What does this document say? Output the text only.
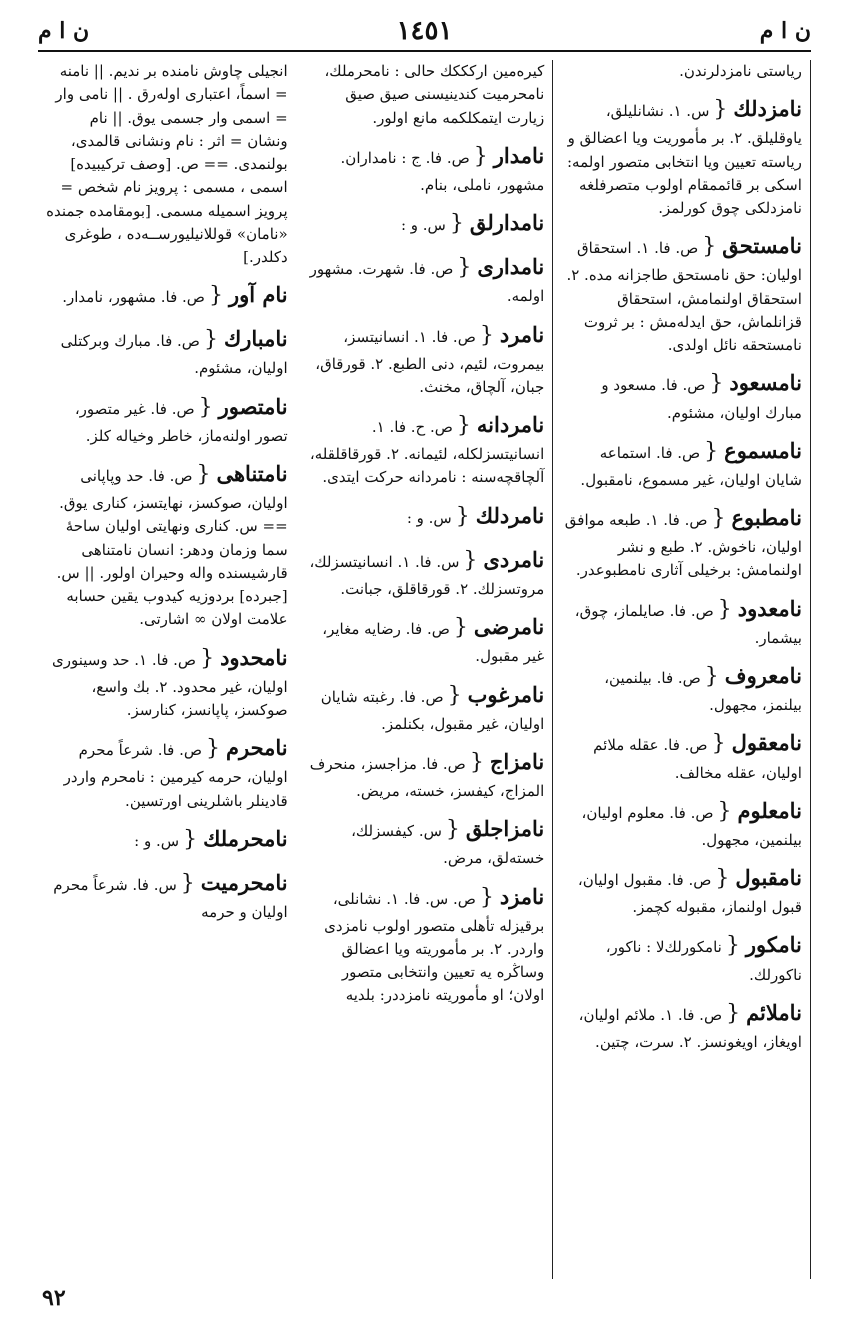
ن ا م	١٤٥١	ن ا م

انجيلى چاوش نامنده بر نديم. || نامنه = اسماً، اعتبارى اولەرق . || نامى وار = اسمى وار جسمى يوق. || نام ونشان = اثر : نام ونشانى قالمدى، بولنمدى. == ص. [وصف تركيبيده] اسمى ، مسمى : پرويز نام شخص = پرويز اسميله مسمى. [بومقامده جمنده «نامان» قوللانيليورســەده ، طوغرى دكلدر.]

نام آور{ص. فا. مشهور، نامدار.

نامبارك{ص. فا. مبارك وبركتلى اوليان، مشئوم.

نامتصور{ص. فا. غير متصور، تصور اولنەماز، خاطر وخياله كلز.

نامتناهى{ص. فا. حد وپاپانى اوليان، صوكسز، نهايتسز، كنارى يوق. == س. كنارى ونهايتى اوليان ساحهٔ سما وزمان ودهر: انسان نامتناهى قارشيسنده واله وحيران اولور. || س. [جبرده] بردوزيه كيدوب يقين حسابه علامت اولان ∞ اشارتى.

نامحدود{ص. فا. ١. حد وسينورى اوليان، غير محدود. ٢. بك واسع، صوكسز، پاپانسز، كنارسز.

نامحرم{ص. فا. شرعاً محرم اوليان، حرمه كيرمين : نامحرم واردر قادينلر باشلرينى اورتسين.

نامحرملك{س. و :

نامحرميت{س. فا. شرعاً محرم اوليان و حرمه

كيرەمين اركككك حالى : نامحرملك، نامحرميت كندينيسنى صيق صيق زيارت ايتمكلكمه مانع اولور.

نامدار{ص. فا. ج : نامداران. مشهور، ناملى، بنام.

نامدارلق{س. و :

نامدارى{ص. فا. شهرت. مشهور اولمه.

نامرد{ص. فا. ١. انسانيتسز، بيمروت، لئيم، دنى الطبع. ٢. قورقاق، جبان، آلچاق، مخنث.

نامردانه{ص. ح. فا. ١. انسانيتسزلكله، لئيمانه. ٢. قورقاقلقله، آلچاقچەسنه : نامردانه حركت ايتدى.

نامردلك{س. و :

نامردى{س. فا. ١. انسانيتسزلك، مروتسزلك. ٢. قورقاقلق، جبانت.

نامرضى{ص. فا. رضايه مغاير، غير مقبول.

نامرغوب{ص. فا. رغبته شايان اوليان، غير مقبول، بكنلمز.

نامزاج{ص. فا. مزاجسز، منحرف المزاج، كيفسز، خسته، مريض.

نامزاجلق{س. كيفسزلك، خستەلق، مرض.

نامزد{ص. س. فا. ١. نشانلى، برقيزله تأهلى متصور اولوب نامزدى واردر. ٢. بر مأموريته ويا اعضالق وساڭره يه تعيين وانتخابى متصور اولان؛ او مأموريته نامزددر: بلديه

رياستى نامزدلرندن.

نامزدلك{س. ١. نشانليلق، ياوقليلق. ٢. بر مأموريت ويا اعضالق و رياسته تعيين ويا انتخابى متصور اولمه: اسكى بر قائممقام اولوب متصرفلغه نامزدلكى چوق كورلمز.

نامستحق{ص. فا. ١. استحقاق اوليان: حق نامستحق طاجزانه مده. ٢. استحقاق اولنمامش، استحقاق قزانلماش، حق ايدلەمش : بر ثروت نامستحقه نائل اولدى.

نامسعود{ص. فا. مسعود و مبارك اوليان، مشئوم.

نامسموع{ص. فا. استماعه شايان اوليان، غير مسموع، نامقبول.

نامطبوع{ص. فا. ١. طبعه موافق اوليان، ناخوش. ٢. طبع و نشر اولنمامش: برخيلى آثارى نامطبوعدر.

نامعدود{ص. فا. صايلماز، چوق، بيشمار.

نامعروف{ص. فا. بيلنمين، بيلنمز، مجهول.

نامعقول{ص. فا. عقله ملائم اوليان، عقله مخالف.

نامعلوم{ص. فا. معلوم اوليان، بيلنمين، مجهول.

نامقبول{ص. فا. مقبول اوليان، قبول اولنماز، مقبوله كچمز.

نامكور{نامكورلك‌لا : ناكور، ناكورلك.

ناملائم{ص. فا. ١. ملائم اوليان، اويغاز، اويغونسز. ٢. سرت، چتين.

٩٢
